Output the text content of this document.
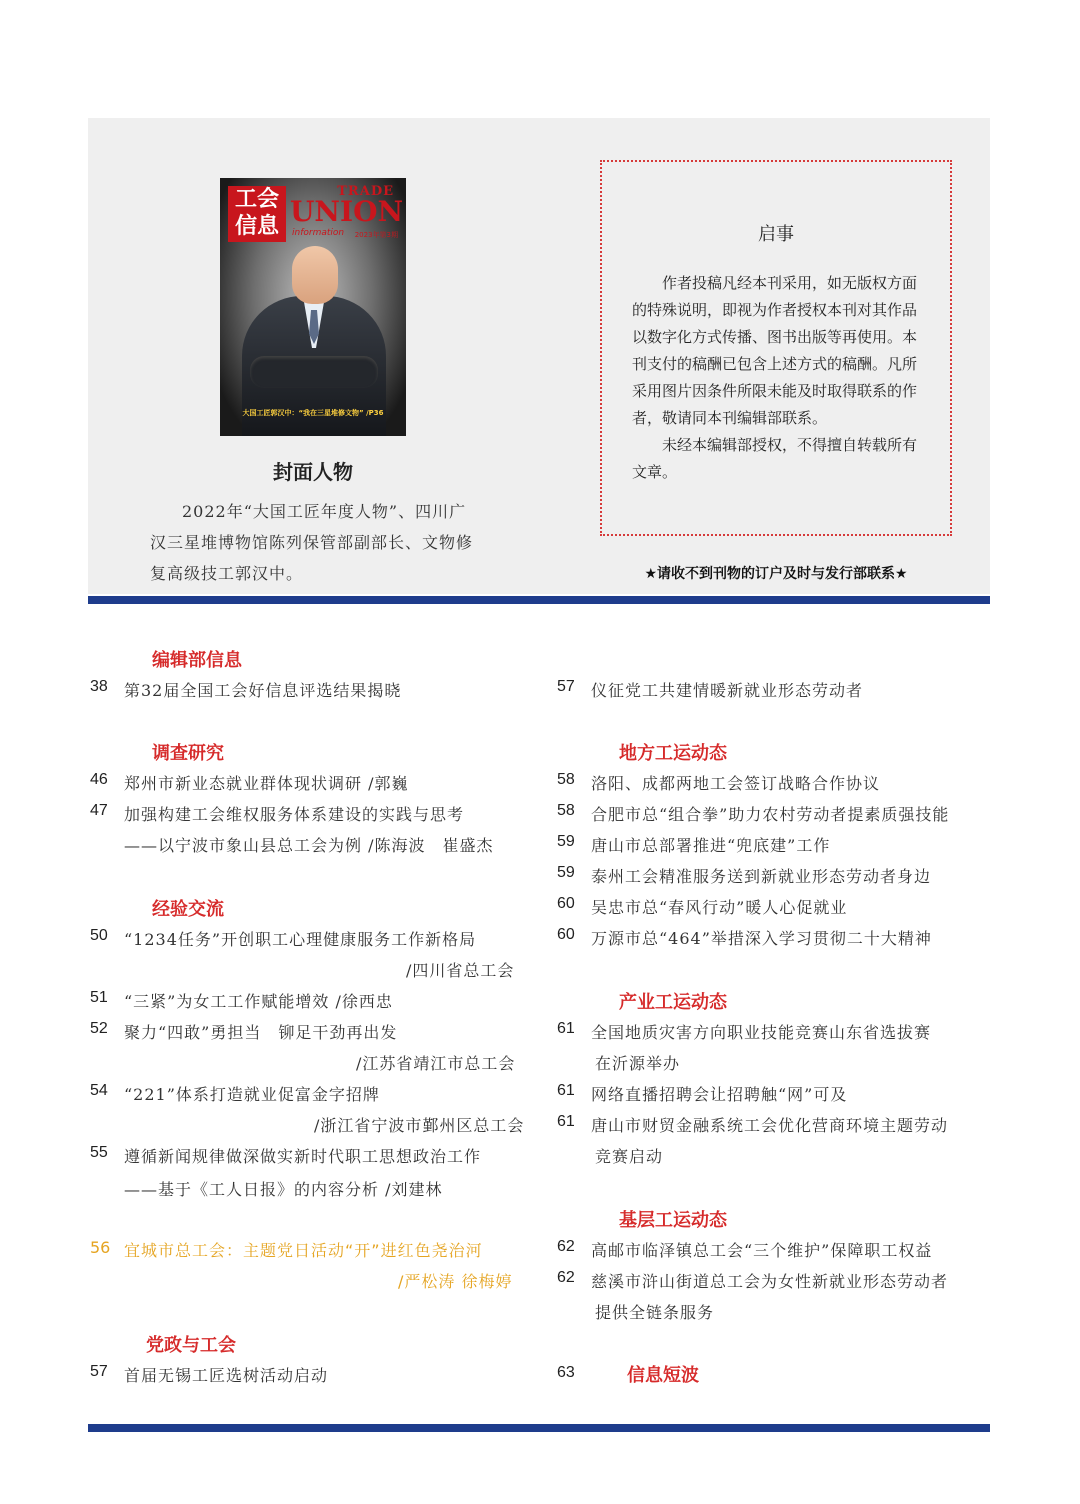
工会
信息
TRADE
UNION
information 2023年第3期
大国工匠郭汉中：“我在三星堆修文物” /P36
封面人物
2022年“大国工匠年度人物”、四川广汉三星堆博物馆陈列保管部副部长、文物修复高级技工郭汉中。
启事

作者投稿凡经本刊采用，如无版权方面的特殊说明，即视为作者授权本刊对其作品以数字化方式传播、图书出版等再使用。本刊支付的稿酬已包含上述方式的稿酬。凡所采用图片因条件所限未能及时取得联系的作者，敬请同本刊编辑部联系。

未经本编辑部授权，不得擅自转载所有文章。

★请收不到刊物的订户及时与发行部联系★
编辑部信息
38 第32届全国工会好信息评选结果揭晓
调查研究
46 郑州市新业态就业群体现状调研 /郭巍
47 加强构建工会维权服务体系建设的实践与思考
——以宁波市象山县总工会为例 /陈海波　崔盛杰
经验交流
50 “1234任务”开创职工心理健康服务工作新格局
/四川省总工会
51 “三紧”为女工工作赋能增效 /徐西忠
52 聚力“四敢”勇担当　铆足干劲再出发
/江苏省靖江市总工会
54 “221”体系打造就业促富金字招牌
/浙江省宁波市鄞州区总工会
55 遵循新闻规律做深做实新时代职工思想政治工作
——基于《工人日报》的内容分析 /刘建林
56 宜城市总工会：主题党日活动“开”进红色尧治河
/严松涛 徐梅婷
党政与工会
57 首届无锡工匠选树活动启动
57 仪征党工共建情暖新就业形态劳动者
地方工运动态
58 洛阳、成都两地工会签订战略合作协议
58 合肥市总“组合拳”助力农村劳动者提素质强技能
59 唐山市总部署推进“兜底建”工作
59 泰州工会精准服务送到新就业形态劳动者身边
60 吴忠市总“春风行动”暖人心促就业
60 万源市总“464”举措深入学习贯彻二十大精神
产业工运动态
61 全国地质灾害方向职业技能竞赛山东省选拔赛
在沂源举办
61 网络直播招聘会让招聘触“网”可及
61 唐山市财贸金融系统工会优化营商环境主题劳动
竞赛启动
基层工运动态
62 高邮市临泽镇总工会“三个维护”保障职工权益
62 慈溪市浒山街道总工会为女性新就业形态劳动者
提供全链条服务
63	信息短波
